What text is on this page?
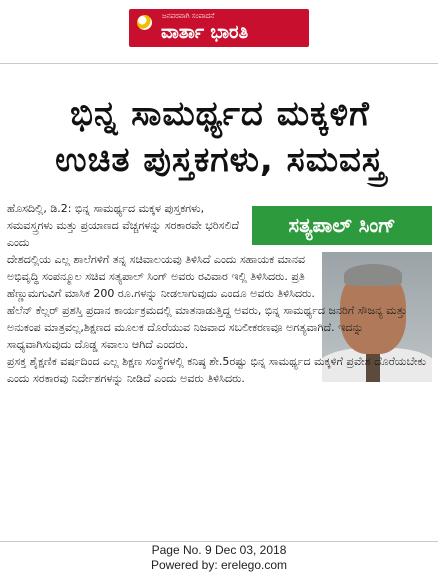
ಜನಪರವಾಗಿ ಸಂಪಾದನೆ
ವಾರ್ತಾ ಭಾರತಿ
ಭಿನ್ನ ಸಾಮರ್ಥ್ಯದ ಮಕ್ಕಳಿಗೆ
ಉಚಿತ ಪುಸ್ತಕಗಳು, ಸಮವಸ್ತ್ರ
ಸತ್ಯಪಾಲ್ ಸಿಂಗ್

ಹೊಸದಿಲ್ಲಿ, ಡಿ.2: ಭಿನ್ನ ಸಾಮರ್ಥ್ಯದ ಮಕ್ಕಳ ಪುಸ್ತಕಗಳು, ಸಮವಸ್ತ್ರಗಳು ಮತ್ತು ಪ್ರಯಾಣದ ವೆಚ್ಚಗಳನ್ನು ಸರಕಾರವೇ ಭರಿಸಲಿದೆ ಎಂದು

ದೇಶದಲ್ಲಿಯ ಎಲ್ಲ ಶಾಲೆಗಳಿಗೆ ತನ್ನ ಸಚಿವಾಲಯವು ತಿಳಿಸಿದೆ ಎಂದು ಸಹಾಯಕ ಮಾನವ ಅಭಿವೃದ್ಧಿ ಸಂಪನ್ಮೂಲ ಸಚಿವ ಸತ್ಯಪಾಲ್ ಸಿಂಗ್ ಅವರು ರವಿವಾರ ಇಲ್ಲಿ ತಿಳಿಸಿದರು. ಪ್ರತಿ ಹೆಣ್ಣುಮಗುವಿಗೆ ಮಾಸಿಕ 200 ರೂ.ಗಳನ್ನು ನೀಡಲಾಗುವುದು ಎಂದೂ ಅವರು ತಿಳಿಸಿದರು.

ಹೆಲೆನ್ ಕೆಲ್ಲರ್ ಪ್ರಶಸ್ತಿ ಪ್ರದಾನ ಕಾರ್ಯಕ್ರಮದಲ್ಲಿ ಮಾತನಾಡುತ್ತಿದ್ದ ಅವರು, ಭಿನ್ನ ಸಾಮರ್ಥ್ಯದ ಜನರಿಗೆ ಸೌಜನ್ಯ ಮತ್ತು ಅನುಕಂಪ ಮಾತ್ರವಲ್ಲ,ಶಿಕ್ಷಣದ ಮೂಲಕ ದೊರೆಯುವ ನಿಜವಾದ ಸಬಲೀಕರಣವೂ ಅಗತ್ಯವಾಗಿದೆ. ಇದನ್ನು ಸಾಧ್ಯವಾಗಿಸುವುದು ದೊಡ್ಡ ಸವಾಲು ಆಗಿದೆ ಎಂದರು.

ಪ್ರಸಕ್ತ ಶೈಕ್ಷಣಿಕ ವರ್ಷದಿಂದ ಎಲ್ಲ ಶಿಕ್ಷಣ ಸಂಸ್ಥೆಗಳಲ್ಲಿ ಕನಿಷ್ಠ ಶೇ.5ರಷ್ಟು ಭಿನ್ನ ಸಾಮರ್ಥ್ಯದ ಮಕ್ಕಳಿಗೆ ಪ್ರವೇಶ ದೊರೆಯಬೇಕು ಎಂದು ಸರಕಾರವು ನಿರ್ದೇಶಗಳನ್ನು ನೀಡಿದೆ ಎಂದು ಅವರು ತಿಳಿಸಿದರು.

Page No. 9 Dec 03, 2018
Powered by: erelego.com
